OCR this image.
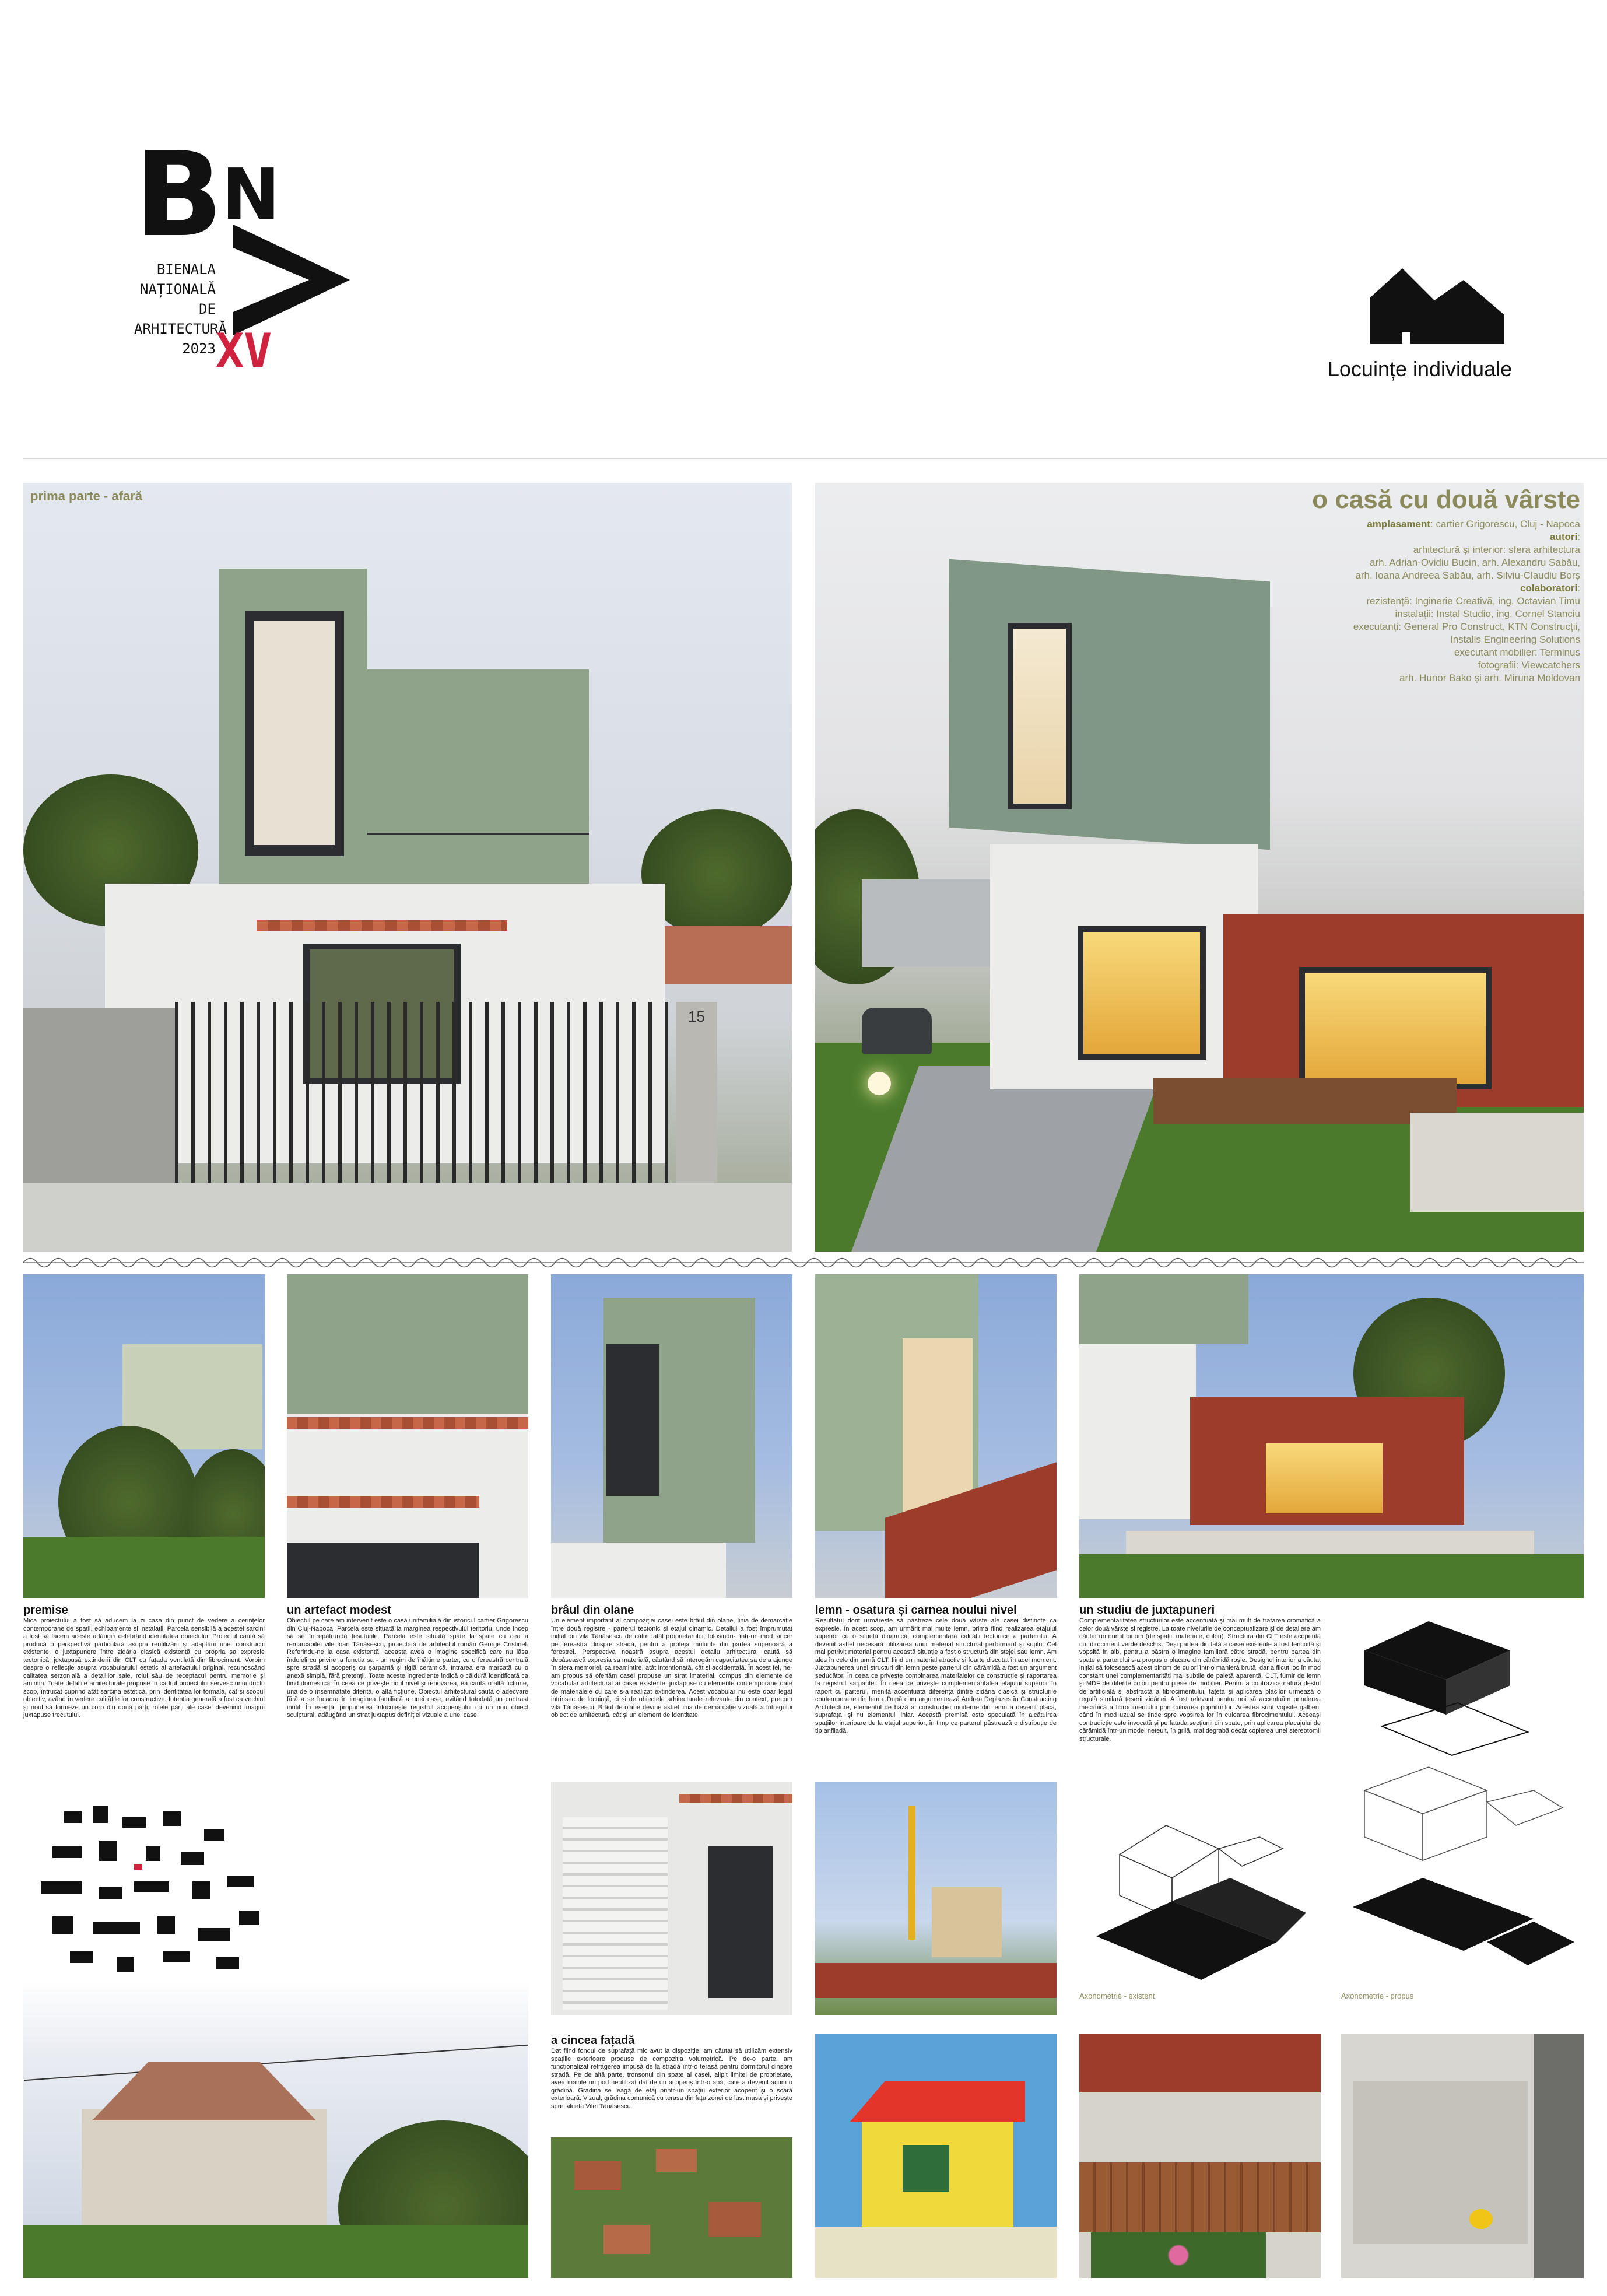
B
N
BIENALA
NAȚIONALĂ
DE
ARHITECTURĂ
2023 XV	Locuințe individuale
15
prima parte - afară	o casă cu două vârste
amplasament: cartier Grigorescu, Cluj - Napoca
autori:
arhitectură și interior: sfera arhitectura
arh. Adrian-Ovidiu Bucin, arh. Alexandru Sabău,
arh. Ioana Andreea Sabău, arh. Silviu-Claudiu Borș
colaboratori:
rezistență: Inginerie Creativă, ing. Octavian Timu
instalații: Instal Studio, ing. Cornel Stanciu
executanți: General Pro Construct, KTN Construcții,
Installs Engineering Solutions
executant mobilier: Terminus
fotografii: Viewcatchers
arh. Hunor Bako și arh. Miruna Moldovan
premise
Mica proiectului a fost să aducem la zi casa din punct de vedere a cerințelor contemporane de spații, echipamente și instalații. Parcela sensibilă a acestei sarcini a fost să facem aceste adăugiri celebrând identitatea obiectului. Proiectul caută să producă o perspectivă particulară asupra reutilizării și adaptării unei construcții existente, o juxtapunere între zidăria clasică existentă cu propria sa expresie tectonică, juxtapusă extinderii din CLT cu fațada ventilată din fibrociment. Vorbim despre o reflecție asupra vocabularului estetic al artefactului original, recunoscând calitatea serzonială a detaliilor sale, rolul său de receptacul pentru memorie și amintiri. Toate detaliile arhitecturale propuse în cadrul proiectului servesc unui dublu scop, întrucât cuprind atât sarcina estetică, prin identitatea lor formală, cât și scopul obiectiv, având în vedere calitățile lor constructive. Intenția generală a fost ca vechiul și noul să formeze un corp din două părți, rolele părți ale casei devenind imagini juxtapuse trecutului.
un artefact modest
Obiectul pe care am intervenit este o casă unifamilială din istoricul cartier Grigorescu din Cluj-Napoca. Parcela este situată la marginea respectivului teritoriu, unde încep să se întrepătrundă țesuturile. Parcela este situată spate la spate cu cea a remarcabilei vile Ioan Tănăsescu, proiectată de arhitectul român George Cristinel. Referindu-ne la casa existentă, aceasta avea o imagine specifică care nu lăsa îndoieli cu privire la funcția sa - un regim de înălțime parter, cu o fereastră centrală spre stradă și acoperiș cu șarpantă și țiglă ceramică. Intrarea era marcată cu o anexă simplă, fără pretenții. Toate aceste ingrediente indică o căldură identificată ca fiind domestică. În ceea ce privește noul nivel și renovarea, ea caută o altă ficțiune, una de o însemnătate diferită, o altă ficțiune. Obiectul arhitectural caută o adecvare fără a se încadra în imaginea familiară a unei case, evitând totodată un contrast inutil. În esență, propunerea înlocuiește registrul acoperișului cu un nou obiect sculptural, adăugând un strat juxtapus definiției vizuale a unei case.
brâul din olane
Un element important al compoziției casei este brâul din olane, linia de demarcație între două registre - parterul tectonic și etajul dinamic. Detaliul a fost împrumutat inițial din vila Tănăsescu de către tatăl proprietarului, folosindu-l într-un mod sincer pe fereastra dinspre stradă, pentru a proteja mulurile din partea superioară a ferestrei. Perspectiva noastră asupra acestui detaliu arhitectural caută să depășească expresia sa materială, căutând să interogăm capacitatea sa de a ajunge în sfera memoriei, ca reamintire, atât intenționată, cât și accidentală. În acest fel, ne-am propus să ofertăm casei propuse un strat imaterial, compus din elemente de vocabular arhitectural ai casei existente, juxtapuse cu elemente contemporane date de materialele cu care s-a realizat extinderea. Acest vocabular nu este doar legat intrinsec de locuință, ci și de obiectele arhitecturale relevante din context, precum vila Tănăsescu. Brâul de olane devine astfel linia de demarcație vizuală a întregului obiect de arhitectură, cât și un element de identitate.
lemn - osatura și carnea noului nivel
Rezultatul dorit urmărește să păstreze cele două vârste ale casei distincte ca expresie. În acest scop, am urmărit mai multe lemn, prima fiind realizarea etajului superior cu o siluetă dinamică, complementară calității tectonice a parterului. A devenit astfel necesară utilizarea unui material structural performant și suplu. Cel mai potrivit material pentru această situație a fost o structură din stejel sau lemn. Am ales în cele din urmă CLT, fiind un material atractiv și foarte discutat în acel moment. Juxtapunerea unei structuri din lemn peste parterul din cărămidă a fost un argument seducător. În ceea ce privește combinarea materialelor de construcție și raportarea la registrul șarpantei. În ceea ce privește complementaritatea etajului superior în raport cu parterul, menită accentuată diferența dintre zidăria clasică și structurile contemporane din lemn. După cum argumentează Andrea Deplazes în Constructing Architecture, elementul de bază al construcției moderne din lemn a devenit placa, suprafața, și nu elementul liniar. Această premisă este speculată în alcătuirea spațiilor interioare de la etajul superior, în timp ce parterul păstrează o distribuție de tip anfiladă.
un studiu de juxtapuneri
Complementaritatea structurilor este accentuată și mai mult de tratarea cromatică a celor două vârste și registre. La toate nivelurile de conceptualizare și de detaliere am căutat un numit binom (de spații, materiale, culori). Structura din CLT este acoperită cu fibrociment verde deschis. Deși partea din față a casei existente a fost tencuită și vopsită în alb, pentru a păstra o imagine familiară către stradă, pentru partea din spate a parterului s-a propus o placare din cărămidă roșie. Designul interior a căutat inițial să folosească acest binom de culori într-o manieră brută, dar a fiicut loc în mod constant unei complementarități mai subtile de paletă aparentă, CLT, furnir de lemn și MDF de diferite culori pentru piese de mobilier. Pentru a contrazice natura destul de artificială și abstractă a fibrocimentului, fațeta și aplicarea plăcilor urmează o regulă similară țeserii zidăriei. A fost relevant pentru noi să accentuăm prinderea mecanică a fibrocimentului prin culoarea popnilurilor. Acestea sunt vopsite galben, când în mod uzual se tinde spre vopsirea lor în culoarea fibrocimentului. Aceeași contradicție este invocată și pe fațada secțiunii din spate, prin aplicarea placajului de cărămidă într-un model neteuit, în grilă, mai degrabă decât copierea unei stereotomii structurale.
Axonometrie - existent	Axonometrie - propus
a cincea fațadă
Dat fiind fondul de suprafață mic avut la dispoziție, am căutat să utilizăm extensiv spațiile exterioare produse de compoziția volumetrică. Pe de-o parte, am funcționalizat retragerea impusă de la stradă într-o terasă pentru dormitorul dinspre stradă. Pe de altă parte, tronsonul din spate al casei, alipit limitei de proprietate, avea înainte un pod neutilizat dat de un acoperiș într-o apă, care a devenit acum o grădină. Grădina se leagă de etaj printr-un spațiu exterior acoperit și o scară exterioară. Vizual, grădina comunică cu terasa din fața zonei de lust masa și privește spre silueta Vilei Tănăsescu.
